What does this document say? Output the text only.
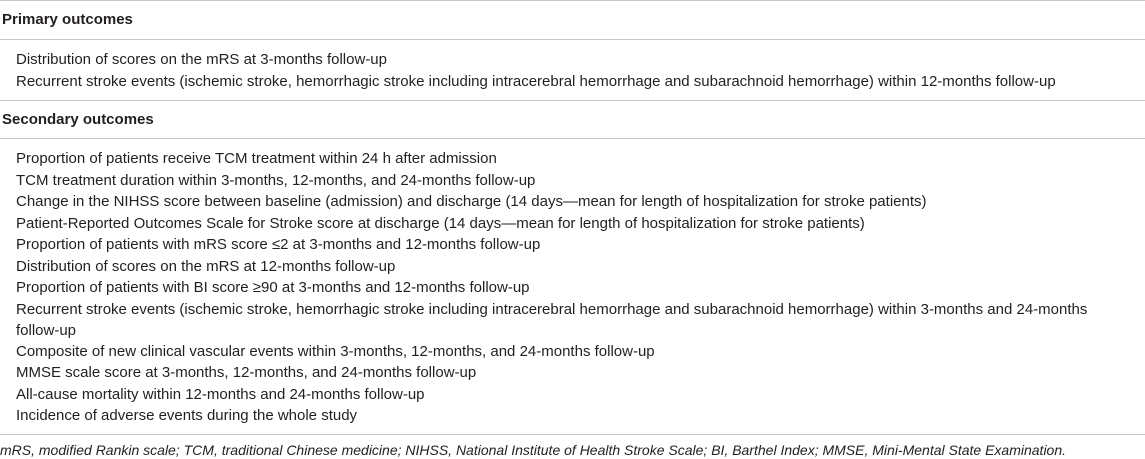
Primary outcomes
Distribution of scores on the mRS at 3-months follow-up
Recurrent stroke events (ischemic stroke, hemorrhagic stroke including intracerebral hemorrhage and subarachnoid hemorrhage) within 12-months follow-up
Secondary outcomes
Proportion of patients receive TCM treatment within 24 h after admission
TCM treatment duration within 3-months, 12-months, and 24-months follow-up
Change in the NIHSS score between baseline (admission) and discharge (14 days—mean for length of hospitalization for stroke patients)
Patient-Reported Outcomes Scale for Stroke score at discharge (14 days—mean for length of hospitalization for stroke patients)
Proportion of patients with mRS score ≤2 at 3-months and 12-months follow-up
Distribution of scores on the mRS at 12-months follow-up
Proportion of patients with BI score ≥90 at 3-months and 12-months follow-up
Recurrent stroke events (ischemic stroke, hemorrhagic stroke including intracerebral hemorrhage and subarachnoid hemorrhage) within 3-months and 24-months follow-up
Composite of new clinical vascular events within 3-months, 12-months, and 24-months follow-up
MMSE scale score at 3-months, 12-months, and 24-months follow-up
All-cause mortality within 12-months and 24-months follow-up
Incidence of adverse events during the whole study
mRS, modified Rankin scale; TCM, traditional Chinese medicine; NIHSS, National Institute of Health Stroke Scale; BI, Barthel Index; MMSE, Mini-Mental State Examination.
